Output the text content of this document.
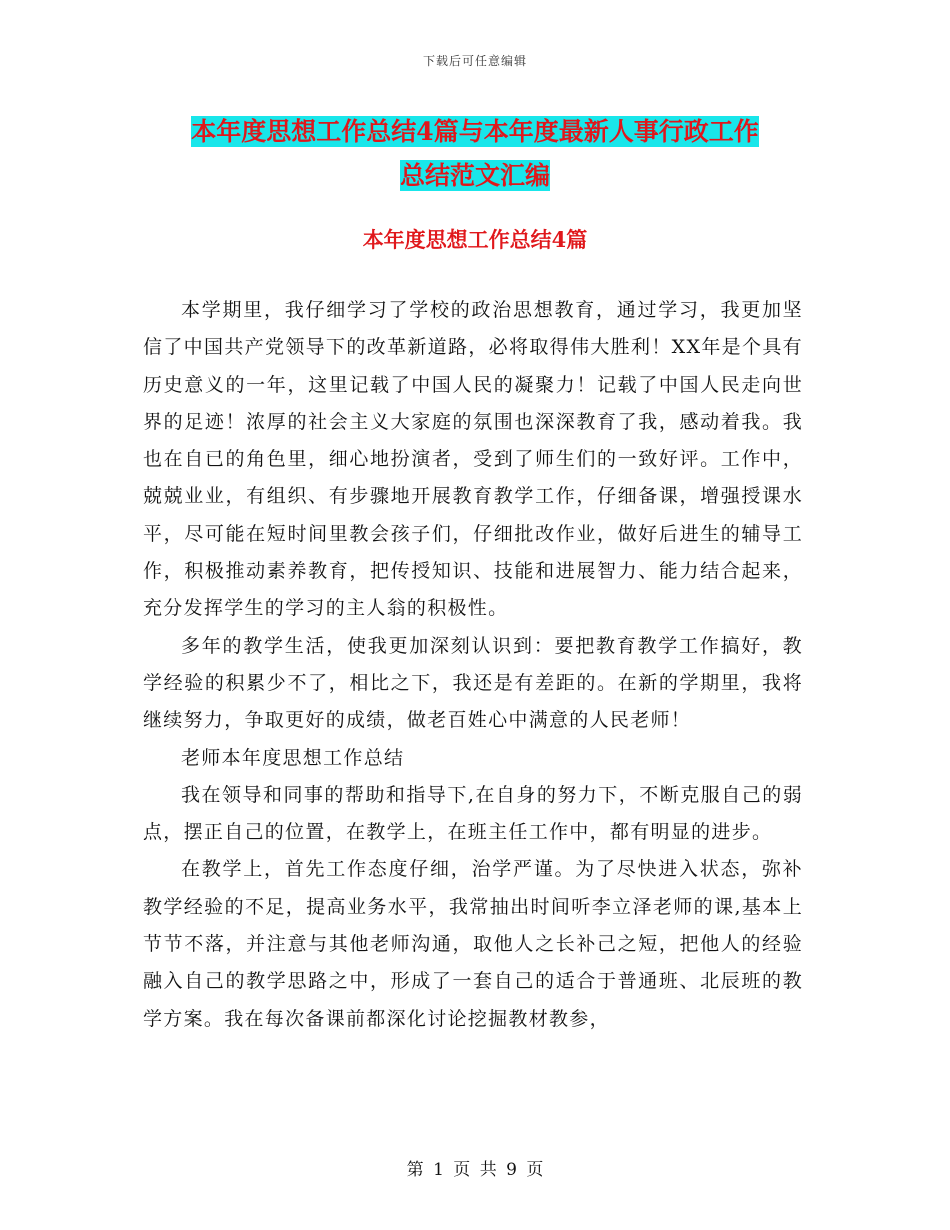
下载后可任意编辑
本年度思想工作总结4篇与本年度最新人事行政工作
总结范文汇编
本年度思想工作总结4篇

本学期里，我仔细学习了学校的政治思想教育，通过学习，我更加坚信了中国共产党领导下的改革新道路，必将取得伟大胜利！XX年是个具有历史意义的一年，这里记载了中国人民的凝聚力！记载了中国人民走向世界的足迹！浓厚的社会主义大家庭的氛围也深深教育了我，感动着我。我也在自已的角色里，细心地扮演者，受到了师生们的一致好评。工作中，兢兢业业，有组织、有步骤地开展教育教学工作，仔细备课，增强授课水平，尽可能在短时间里教会孩子们，仔细批改作业，做好后进生的辅导工作，积极推动素养教育，把传授知识、技能和进展智力、能力结合起来，充分发挥学生的学习的主人翁的积极性。

多年的教学生活，使我更加深刻认识到：要把教育教学工作搞好，教学经验的积累少不了，相比之下，我还是有差距的。在新的学期里，我将继续努力，争取更好的成绩，做老百姓心中满意的人民老师！

老师本年度思想工作总结

我在领导和同事的帮助和指导下,在自身的努力下，不断克服自己的弱点，摆正自己的位置，在教学上，在班主任工作中，都有明显的进步。

在教学上，首先工作态度仔细，治学严谨。为了尽快进入状态，弥补教学经验的不足，提高业务水平，我常抽出时间听李立泽老师的课,基本上节节不落，并注意与其他老师沟通，取他人之长补己之短，把他人的经验融入自己的教学思路之中，形成了一套自己的适合于普通班、北辰班的教学方案。我在每次备课前都深化讨论挖掘教材教参，

第 1 页 共 9 页
